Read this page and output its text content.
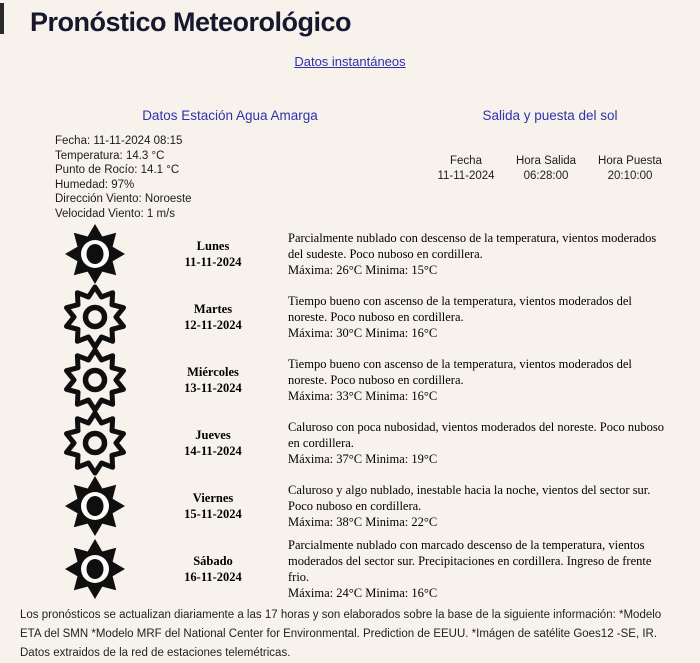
Pronóstico Meteorológico
Datos instantáneos
Datos Estación Agua Amarga
Fecha: 11-11-2024 08:15
Temperatura: 14.3 °C
Punto de Rocío: 14.1 °C
Humedad: 97%
Dirección Viento: Noroeste
Velocidad Viento: 1 m/s
Salida y puesta del sol
Fecha
11-11-2024
Hora Salida
06:28:00
Hora Puesta
20:10:00
Lunes
11-11-2024
Parcialmente nublado con descenso de la temperatura, vientos moderados del sudeste. Poco nuboso en cordillera.
Máxima: 26°C Minima: 15°C
Martes
12-11-2024
Tiempo bueno con ascenso de la temperatura, vientos moderados del noreste. Poco nuboso en cordillera.
Máxima: 30°C Minima: 16°C
Miércoles
13-11-2024
Tiempo bueno con ascenso de la temperatura, vientos moderados del noreste. Poco nuboso en cordillera.
Máxima: 33°C Minima: 16°C
Jueves
14-11-2024
Caluroso con poca nubosidad, vientos moderados del noreste. Poco nuboso en cordillera.
Máxima: 37°C Minima: 19°C
Viernes
15-11-2024
Caluroso y algo nublado, inestable hacia la noche, vientos del sector sur. Poco nuboso en cordillera.
Máxima: 38°C Minima: 22°C
Sábado
16-11-2024
Parcialmente nublado con marcado descenso de la temperatura, vientos moderados del sector sur. Precipitaciones en cordillera. Ingreso de frente frio.
Máxima: 24°C Minima: 16°C
Los pronósticos se actualizan diariamente a las 17 horas y son elaborados sobre la base de la siguiente información: *Modelo ETA del SMN *Modelo MRF del National Center for Environmental. Prediction de EEUU. *Imágen de satélite Goes12 -SE, IR. Datos extraidos de la red de estaciones telemétricas.
